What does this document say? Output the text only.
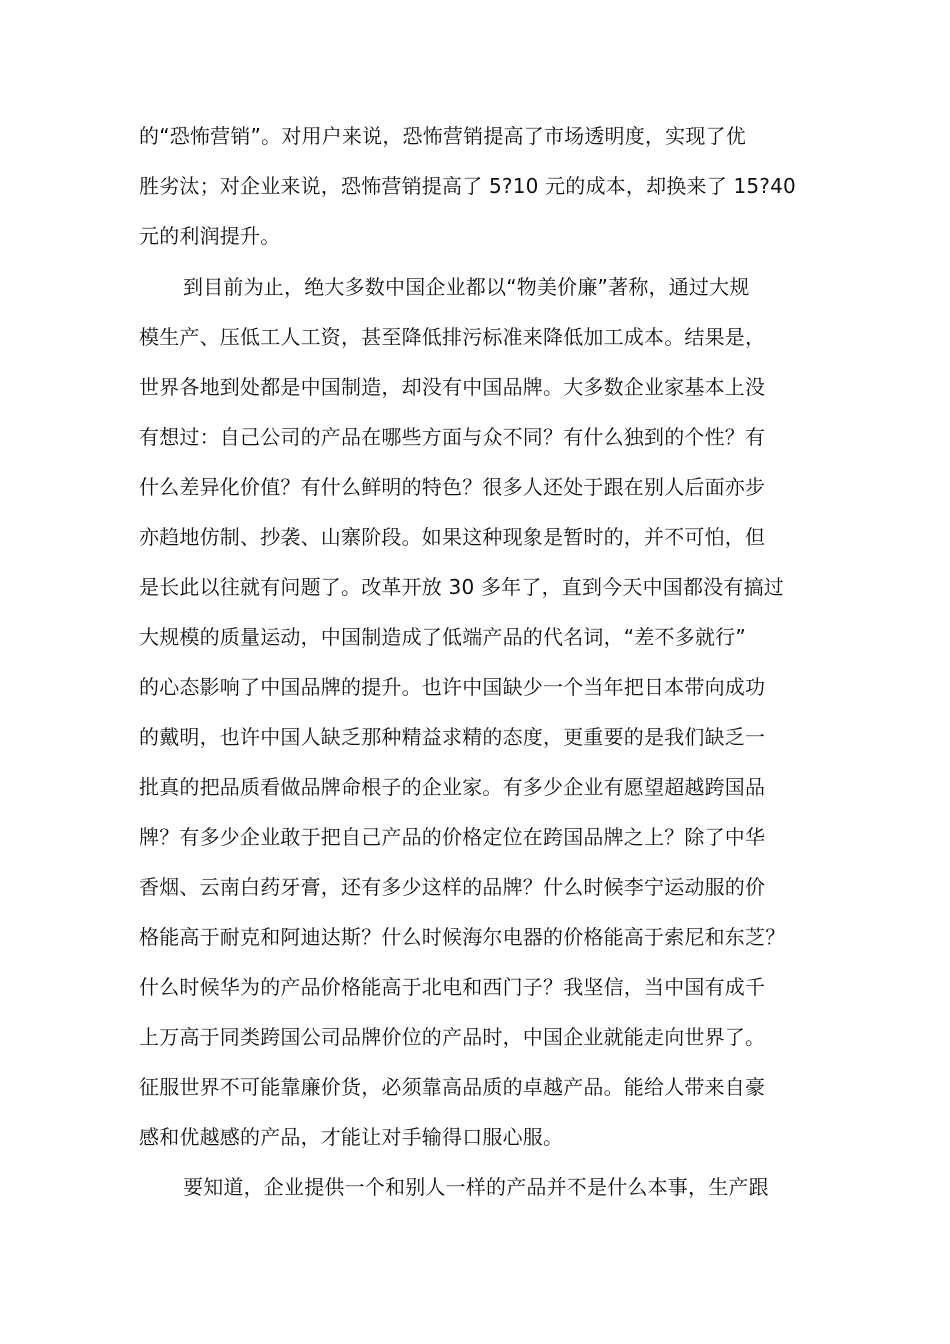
的“恐怖营销”。对用户来说，恐怖营销提高了市场透明度，实现了优
胜劣汰；对企业来说，恐怖营销提高了 5?10 元的成本，却换来了 15?40
元的利润提升。
到目前为止，绝大多数中国企业都以“物美价廉”著称，通过大规
模生产、压低工人工资，甚至降低排污标准来降低加工成本。结果是，
世界各地到处都是中国制造，却没有中国品牌。大多数企业家基本上没
有想过：自己公司的产品在哪些方面与众不同？有什么独到的个性？有
什么差异化价值？有什么鲜明的特色？很多人还处于跟在别人后面亦步
亦趋地仿制、抄袭、山寨阶段。如果这种现象是暂时的，并不可怕，但
是长此以往就有问题了。改革开放 30 多年了，直到今天中国都没有搞过
大规模的质量运动，中国制造成了低端产品的代名词，“差不多就行”
的心态影响了中国品牌的提升。也许中国缺少一个当年把日本带向成功
的戴明，也许中国人缺乏那种精益求精的态度，更重要的是我们缺乏一
批真的把品质看做品牌命根子的企业家。有多少企业有愿望超越跨国品
牌？有多少企业敢于把自己产品的价格定位在跨国品牌之上？除了中华
香烟、云南白药牙膏，还有多少这样的品牌？什么时候李宁运动服的价
格能高于耐克和阿迪达斯？什么时候海尔电器的价格能高于索尼和东芝？
什么时候华为的产品价格能高于北电和西门子？我坚信，当中国有成千
上万高于同类跨国公司品牌价位的产品时，中国企业就能走向世界了。
征服世界不可能靠廉价货，必须靠高品质的卓越产品。能给人带来自豪
感和优越感的产品，才能让对手输得口服心服。
要知道，企业提供一个和别人一样的产品并不是什么本事，生产跟
